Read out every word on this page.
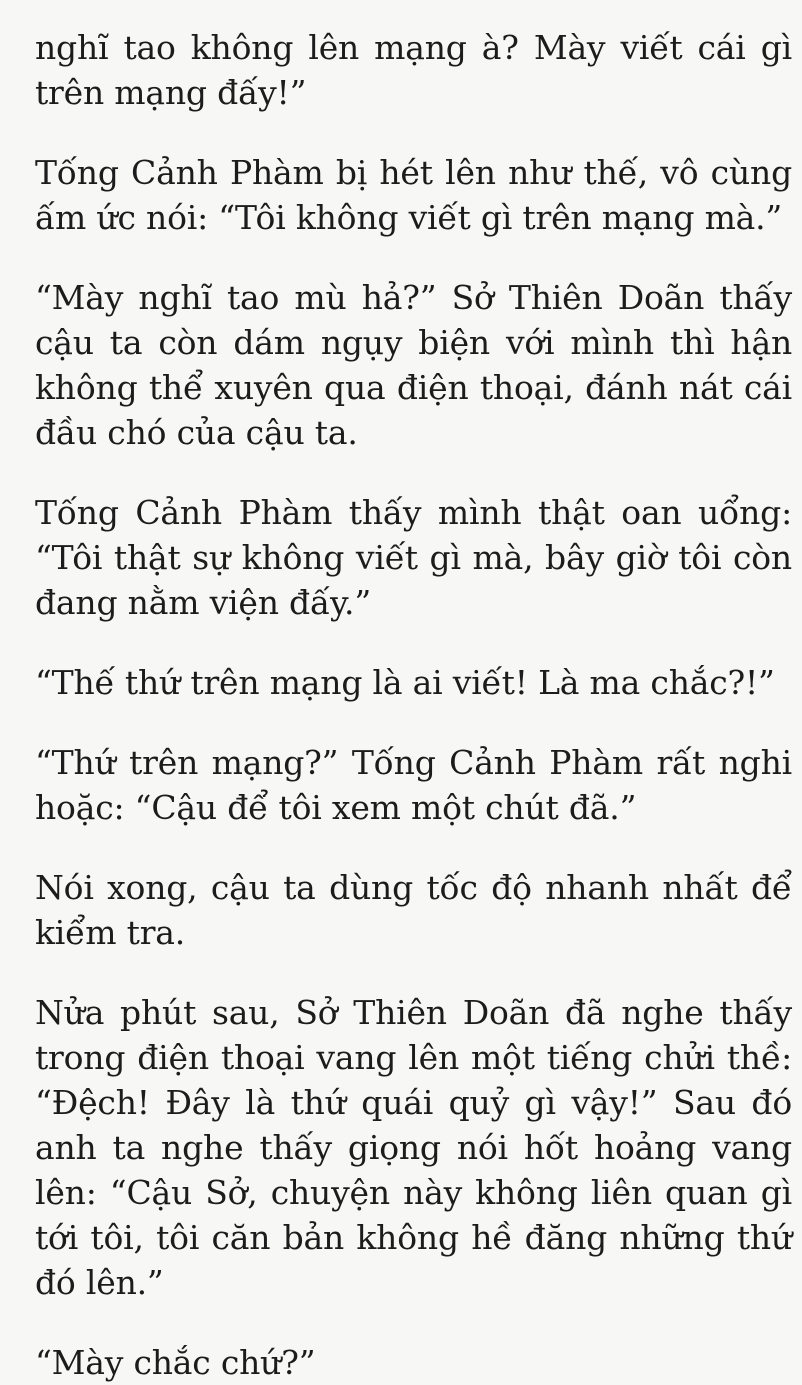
nghĩ tao không lên mạng à? Mày viết cái gì trên mạng đấy!”

Tống Cảnh Phàm bị hét lên như thế, vô cùng ấm ức nói: “Tôi không viết gì trên mạng mà.”

“Mày nghĩ tao mù hả?” Sở Thiên Doãn thấy cậu ta còn dám ngụy biện với mình thì hận không thể xuyên qua điện thoại, đánh nát cái đầu chó của cậu ta.

Tống Cảnh Phàm thấy mình thật oan uổng: “Tôi thật sự không viết gì mà, bây giờ tôi còn đang nằm viện đấy.”

“Thế thứ trên mạng là ai viết! Là ma chắc?!”

“Thứ trên mạng?” Tống Cảnh Phàm rất nghi hoặc: “Cậu để tôi xem một chút đã.”

Nói xong, cậu ta dùng tốc độ nhanh nhất để kiểm tra.

Nửa phút sau, Sở Thiên Doãn đã nghe thấy trong điện thoại vang lên một tiếng chửi thề: “Đệch! Đây là thứ quái quỷ gì vậy!” Sau đó anh ta nghe thấy giọng nói hốt hoảng vang lên: “Cậu Sở, chuyện này không liên quan gì tới tôi, tôi căn bản không hề đăng những thứ đó lên.”

“Mày chắc chứ?”
